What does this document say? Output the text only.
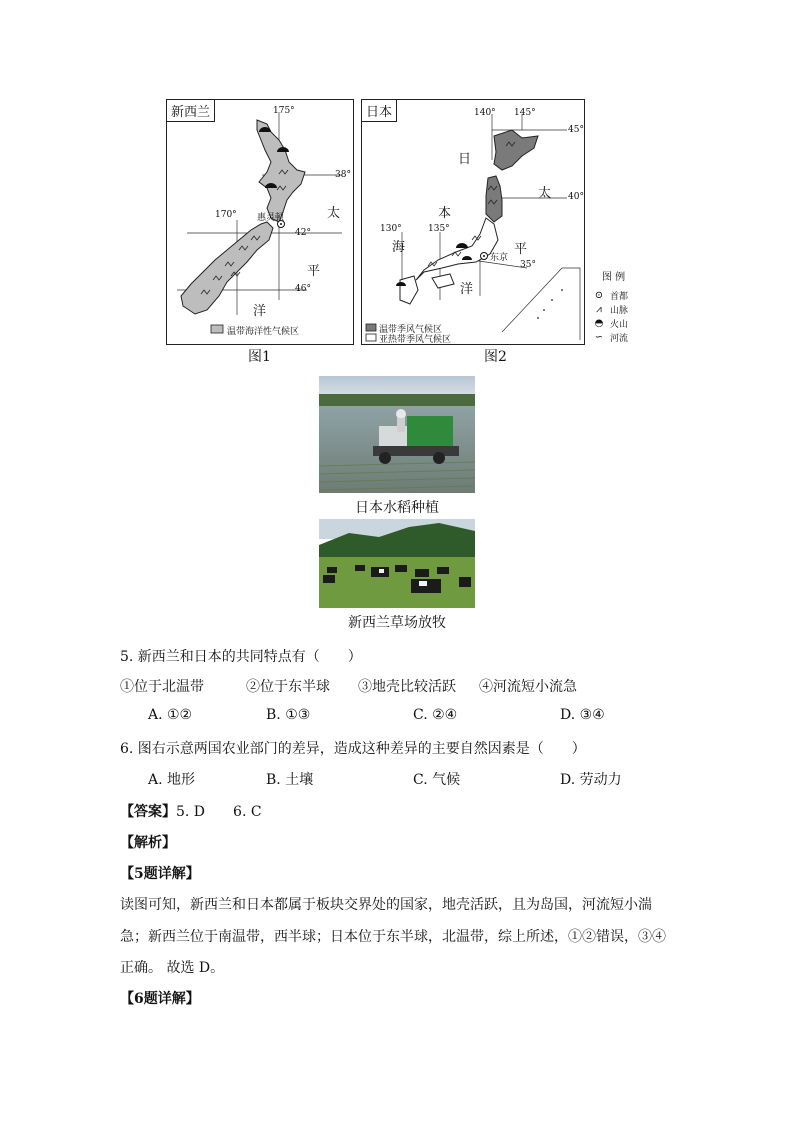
新西兰	175°
38°
170°
42°
46°
惠灵顿	太
平
洋
温带海洋性气候区
图1
日本	140° 145°
45°
40°
130°	135°
35°
日
本
海
太
平
洋
东京
温带季风气候区
亚热带季风气候区
图2
图 例
⊙ 首都
⩘ 山脉
◓ 火山
∽ 河流
日本水稻种植
新西兰草场放牧
5. 新西兰和日本的共同特点有（　　）
①位于北温带	②位于东半球 ③地壳比较活跃 ④河流短小流急
A. ①②	B. ①③	C. ②④	D. ③④
6. 图右示意两国农业部门的差异，造成这种差异的主要自然因素是（　　）
A. 地形	B. 土壤	C. 气候	D. 劳动力
【答案】5. D　　6. C
【解析】
【5题详解】
读图可知，新西兰和日本都属于板块交界处的国家，地壳活跃，且为岛国，河流短小湍
急；新西兰位于南温带，西半球；日本位于东半球，北温带，综上所述，①②错误，③④
正确。 故选 D。
【6题详解】
